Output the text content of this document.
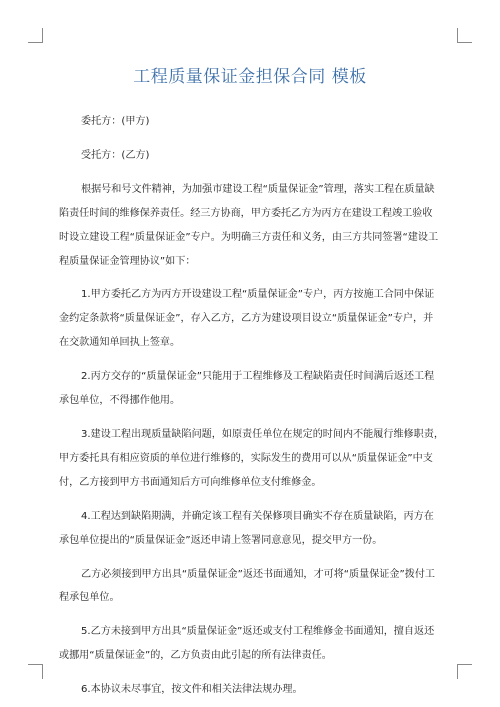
工程质量保证金担保合同 模板
委托方：(甲方)
受托方：(乙方)
根据号和号文件精神，为加强市建设工程“质量保证金”管理，落实工程在质量缺
陷责任时间的维修保养责任。经三方协商，甲方委托乙方为丙方在建设工程竣工验收
时设立建设工程“质量保证金”专户。为明确三方责任和义务，由三方共同签署“建设工
程质量保证金管理协议”如下：
1.甲方委托乙方为丙方开设建设工程“质量保证金”专户，丙方按施工合同中保证
金约定条款将“质量保证金”，存入乙方，乙方为建设项目设立“质量保证金”专户，并
在交款通知单回执上签章。
2.丙方交存的“质量保证金”只能用于工程维修及工程缺陷责任时间满后返还工程
承包单位，不得挪作他用。
3.建设工程出现质量缺陷问题，如原责任单位在规定的时间内不能履行维修职责，
甲方委托具有相应资质的单位进行维修的，实际发生的费用可以从“质量保证金”中支
付，乙方接到甲方书面通知后方可向维修单位支付维修金。
4.工程达到缺陷期满，并确定该工程有关保修项目确实不存在质量缺陷，丙方在
承包单位提出的“质量保证金”返还申请上签署同意意见，提交甲方一份。
乙方必须接到甲方出具“质量保证金”返还书面通知，才可将“质量保证金”拨付工
程承包单位。
5.乙方未接到甲方出具“质量保证金”返还或支付工程维修金书面通知，擅自返还
或挪用“质量保证金”的，乙方负责由此引起的所有法律责任。
6.本协议未尽事宜，按文件和相关法律法规办理。
